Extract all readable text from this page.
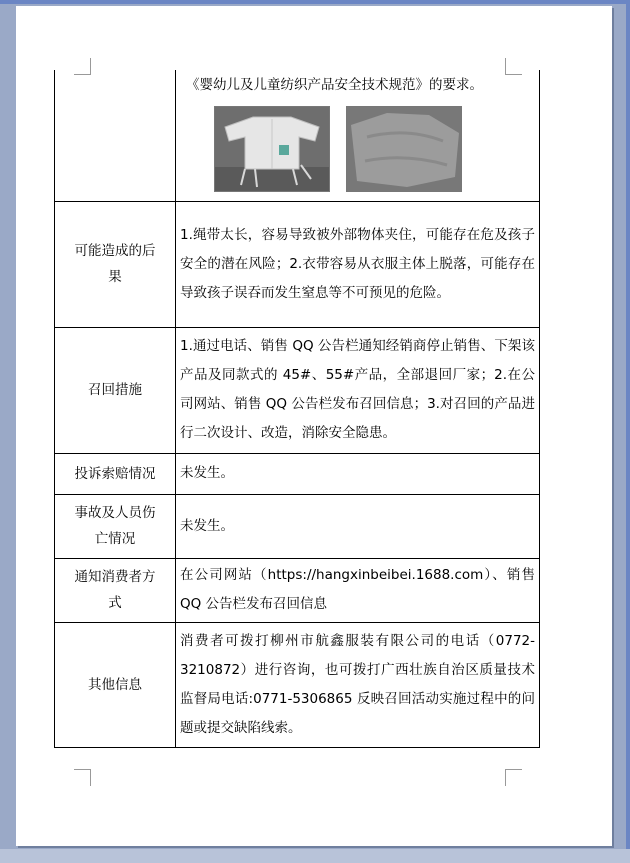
	《婴幼儿及儿童纺织产品安全技术规范》的要求。

可能造成的后
果	1.绳带太长，容易导致被外部物体夹住，可能存在危及孩子安全的潜在风险；2.衣带容易从衣服主体上脱落，可能存在导致孩子误吞而发生窒息等不可预见的危险。
召回措施	1.通过电话、销售 QQ 公告栏通知经销商停止销售、下架该产品及同款式的 45#、55#产品，全部退回厂家；2.在公司网站、销售 QQ 公告栏发布召回信息；3.对召回的产品进行二次设计、改造，消除安全隐患。
投诉索赔情况	未发生。

事故及人员伤
亡情况	未发生。

通知消费者方
式	在公司网站（https://hangxinbeibei.1688.com）、销售 QQ 公告栏发布召回信息
其他信息	消费者可拨打柳州市航鑫服装有限公司的电话（0772-3210872）进行咨询，也可拨打广西壮族自治区质量技术监督局电话:0771-5306865 反映召回活动实施过程中的问题或提交缺陷线索。
